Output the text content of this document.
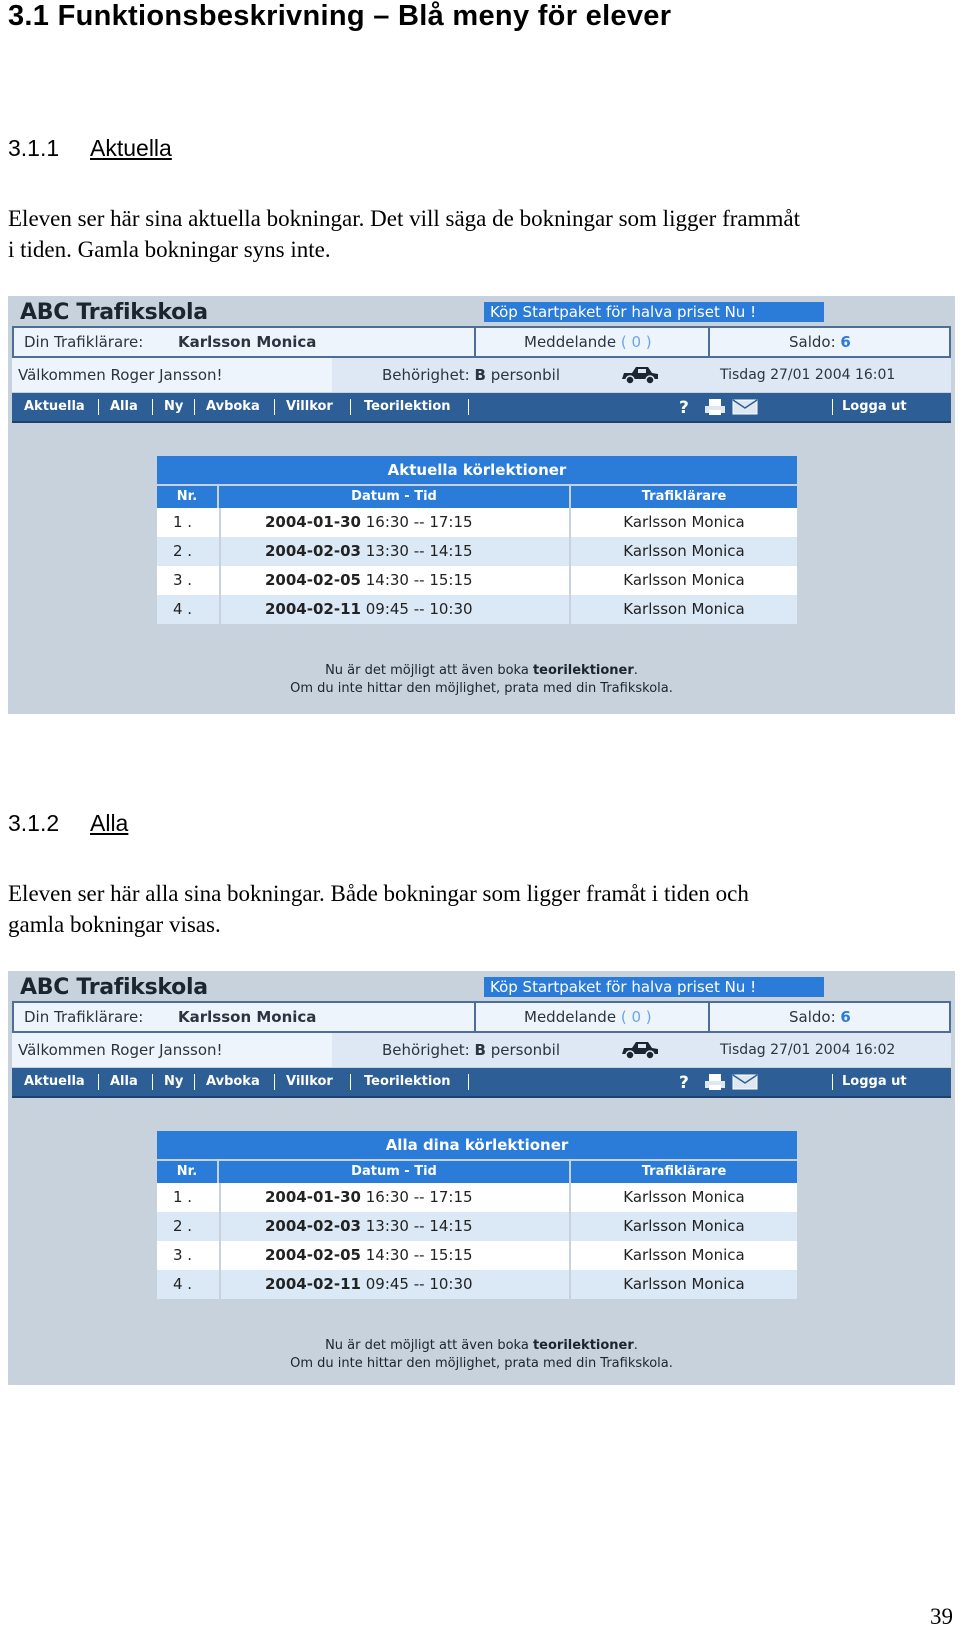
3.1 Funktionsbeskrivning – Blå meny för elever
3.1.1 Aktuella
Eleven ser här sina aktuella bokningar. Det vill säga de bokningar som ligger frammåt
i tiden. Gamla bokningar syns inte.
ABC Trafikskola	Köp Startpaket för halva priset Nu !
Din Trafiklärare: Karlsson Monica	Meddelande ( 0 )	Saldo: 6
Välkommen Roger Jansson!	Behörighet: B personbil	Tisdag 27/01 2004 16:01
Aktuella Alla Ny Avboka Villkor Teorilektion	?	Logga ut
Aktuella körlektioner
Nr.	Datum - Tid	Trafiklärare
1 .	2004-01-30 16:30 -- 17:15	Karlsson Monica
2 .	2004-02-03 13:30 -- 14:15	Karlsson Monica
3 .	2004-02-05 14:30 -- 15:15	Karlsson Monica
4 .	2004-02-11 09:45 -- 10:30	Karlsson Monica
Nu är det möjligt att även boka teorilektioner.
Om du inte hittar den möjlighet, prata med din Trafikskola.
3.1.2 Alla
Eleven ser här alla sina bokningar. Både bokningar som ligger framåt i tiden och
gamla bokningar visas.
ABC Trafikskola	Köp Startpaket för halva priset Nu !
Din Trafiklärare: Karlsson Monica	Meddelande ( 0 )	Saldo: 6
Välkommen Roger Jansson!	Behörighet: B personbil	Tisdag 27/01 2004 16:02
Aktuella Alla Ny Avboka Villkor Teorilektion	?	Logga ut
Alla dina körlektioner
Nr.	Datum - Tid	Trafiklärare
1 .	2004-01-30 16:30 -- 17:15	Karlsson Monica
2 .	2004-02-03 13:30 -- 14:15	Karlsson Monica
3 .	2004-02-05 14:30 -- 15:15	Karlsson Monica
4 .	2004-02-11 09:45 -- 10:30	Karlsson Monica
Nu är det möjligt att även boka teorilektioner.
Om du inte hittar den möjlighet, prata med din Trafikskola.
39
